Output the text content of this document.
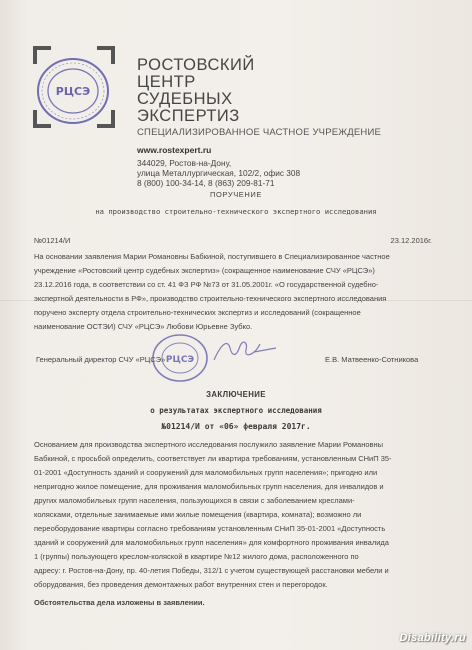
РЦСЭ
РОСТОВСКИЙ
ЦЕНТР
СУДЕБНЫХ
ЭКСПЕРТИЗ
СПЕЦИАЛИЗИРОВАННОЕ ЧАСТНОЕ УЧРЕЖДЕНИЕ
www.rostexpert.ru
344029, Ростов-на-Дону,
улица Металлургическая, 102/2, офис 308
8 (800) 100-34-14, 8 (863) 209-81-71
ПОРУЧЕНИЕ
на производство строительно-технического экспертного исследования
№01214/И	23.12.2016г.
На основании заявления Марии Романовны Бабкиной, поступившего в Специализированное частное
учреждение «Ростовский центр судебных экспертиз» (сокращенное наименование СЧУ «РЦСЭ»)
23.12.2016 года, в соответствии со ст. 41 ФЗ РФ №73 от 31.05.2001г. «О государственной судебно-
экспертной деятельности в РФ», производство строительно-технического экспертного исследования
поручено эксперту отдела строительно-технических экспертиз и исследований (сокращенное
наименование ОСТЭИ) СЧУ «РЦСЭ» Любови Юрьевне Зубко.
Генеральный директор СЧУ «РЦСЭ»	Е.В. Матвеенко-Сотникова
РЦСЭ
ЗАКЛЮЧЕНИЕ
о результатах экспертного исследования
№01214/И от «06» февраля 2017г.
Основанием для производства экспертного исследования послужило заявление Марии Романовны
Бабкиной, с просьбой определить, соответствует ли квартира требованиям, установленным СНиП 35-
01-2001 «Доступность зданий и сооружений для маломобильных групп населения»; пригодно или
непригодно жилое помещение, для проживания маломобильных групп населения, для инвалидов и
других маломобильных групп населения, пользующихся в связи с заболеванием креслами-
колясками, отдельные занимаемые ими жилые помещения (квартира, комната); возможно ли
переоборудование квартиры согласно требованиям установленным СНиП 35-01-2001 «Доступность
зданий и сооружений для маломобильных групп населения» для комфортного проживания инвалида
1 (группы) пользующего креслом-коляской в квартире №12 жилого дома, расположенного по
адресу: г. Ростов-на-Дону, пр. 40-летия Победы, 312/1 с учетом существующей расстановки мебели и
оборудования, без проведения демонтажных работ внутренних стен и перегородок.
Обстоятельства дела изложены в заявлении.
Disability.ru
